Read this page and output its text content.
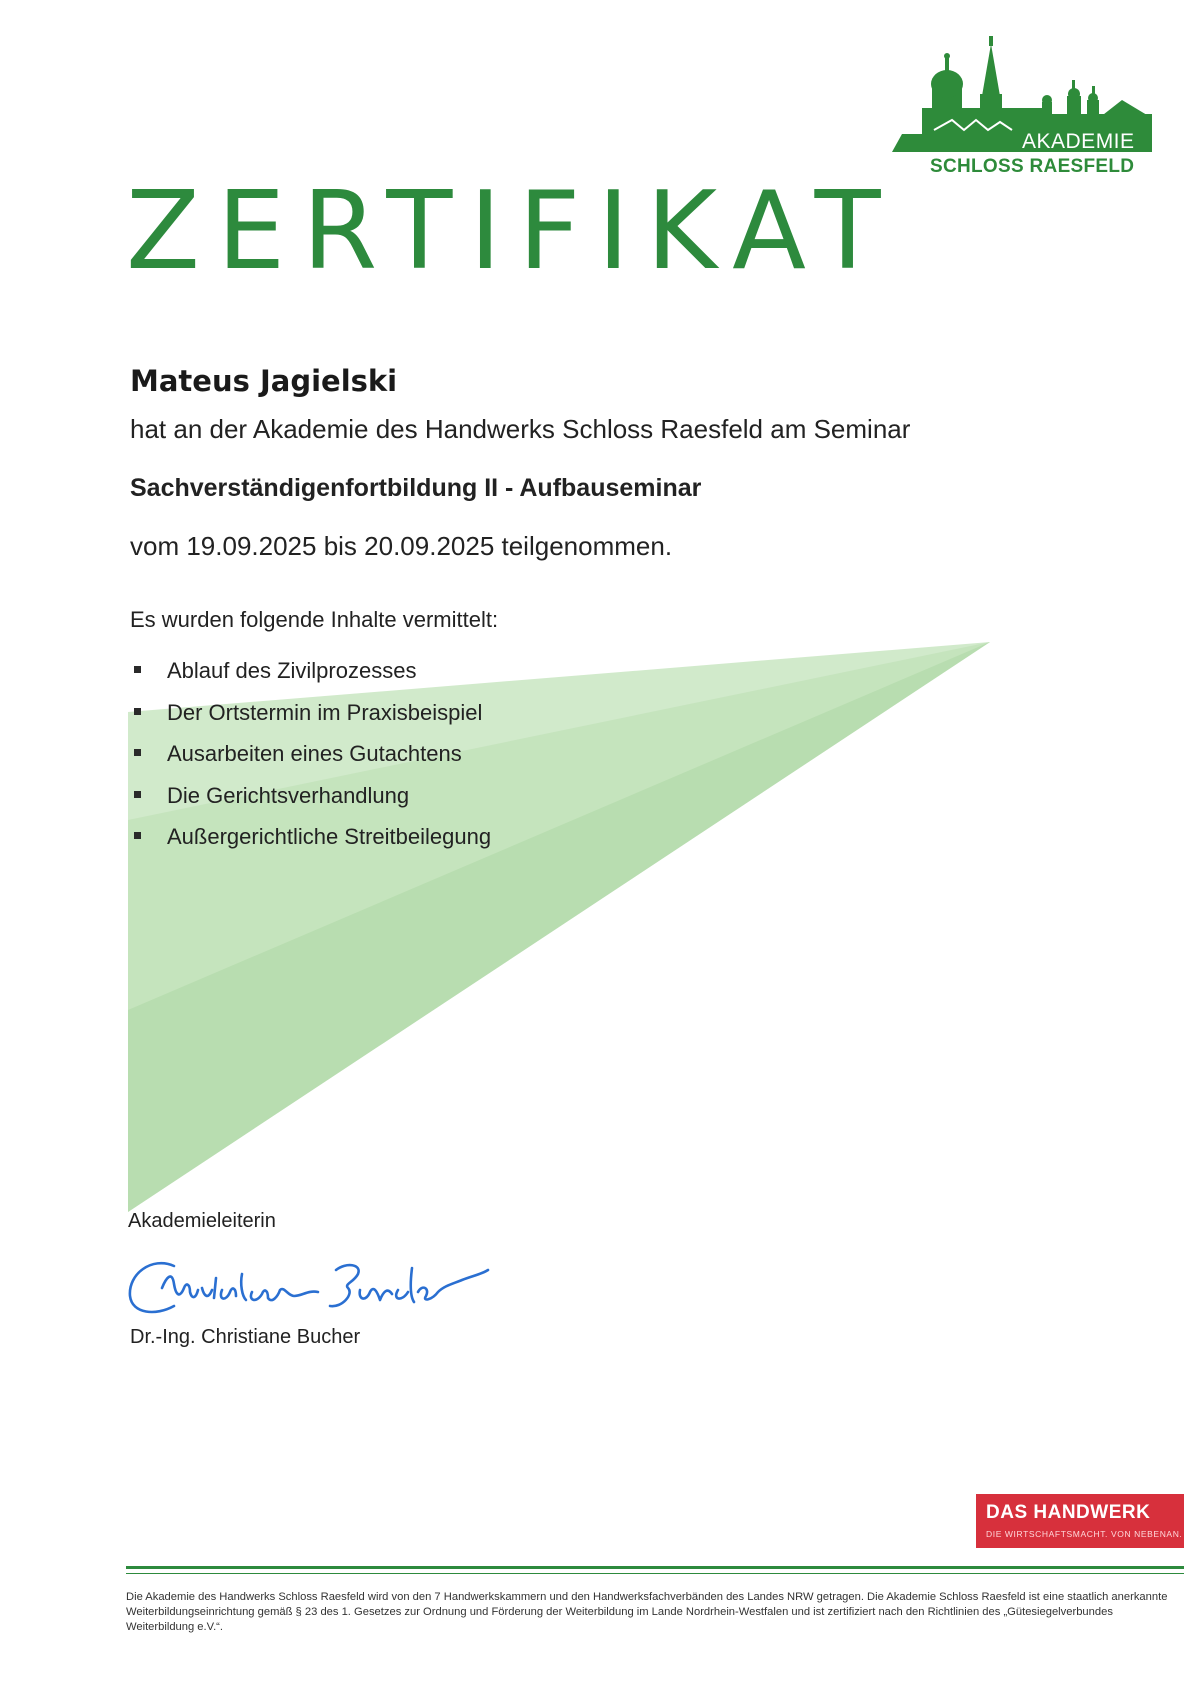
AKADEMIE
SCHLOSS RAESFELD
ZERTIFIKAT
Mateus Jagielski
hat an der Akademie des Handwerks Schloss Raesfeld am Seminar
Sachverständigenfortbildung II - Aufbauseminar
vom 19.09.2025 bis 20.09.2025 teilgenommen.
Es wurden folgende Inhalte vermittelt:
Ablauf des Zivilprozesses
Der Ortstermin im Praxisbeispiel
Ausarbeiten eines Gutachtens
Die Gerichtsverhandlung
Außergerichtliche Streitbeilegung
Akademieleiterin
Christiane Bucher
Dr.-Ing. Christiane Bucher
DAS HANDWERK
DIE WIRTSCHAFTSMACHT. VON NEBENAN.
Die Akademie des Handwerks Schloss Raesfeld wird von den 7 Handwerkskammern und den Handwerksfachverbänden des Landes NRW getragen. Die Akademie Schloss Raesfeld ist eine staatlich anerkannte Weiterbildungseinrichtung gemäß § 23 des 1. Gesetzes zur Ordnung und Förderung der Weiterbildung im Lande Nordrhein-Westfalen und ist zertifiziert nach den Richtlinien des „Gütesiegelverbundes Weiterbildung e.V.“.
